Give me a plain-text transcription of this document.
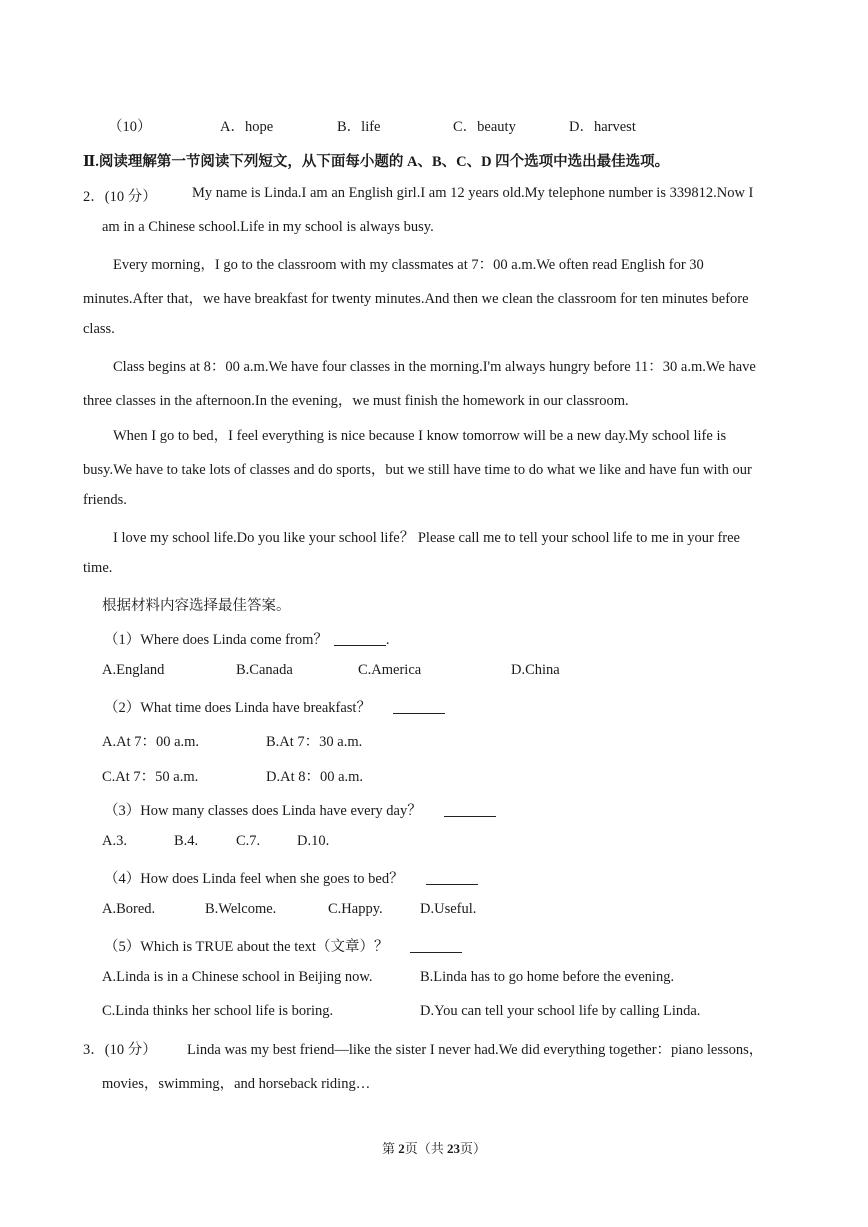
（10）	A．hope	B．life	C．beauty	D．harvest
Ⅱ.阅读理解第一节阅读下列短文，从下面每小题的 A、B、C、D 四个选项中选出最佳选项。
2．(10 分） My name is Linda.I am an English girl.I am 12 years old.My telephone number is 339812.Now I
am in a Chinese school.Life in my school is always busy.
Every morning，I go to the classroom with my classmates at 7：00 a.m.We often read English for 30
minutes.After that，we have breakfast for twenty minutes.And then we clean the classroom for ten minutes before
class.
Class begins at 8：00 a.m.We have four classes in the morning.I'm always hungry before 11：30 a.m.We have
three classes in the afternoon.In the evening，we must finish the homework in our classroom.
When I go to bed，I feel everything is nice because I know tomorrow will be a new day.My school life is
busy.We have to take lots of classes and do sports，but we still have time to do what we like and have fun with our
friends.
I love my school life.Do you like your school life？ Please call me to tell your school life to me in your free
time.
根据材料内容选择最佳答案。
（1）Where does Linda come from？	.
A.England	B.Canada	C.America	D.China
（2）What time does Linda have breakfast？
A.At 7：00 a.m.	B.At 7：30 a.m.
C.At 7：50 a.m.	D.At 8：00 a.m.
（3）How many classes does Linda have every day？
A.3.	B.4.	C.7.	D.10.
（4）How does Linda feel when she goes to bed？
A.Bored.	B.Welcome.	C.Happy.	D.Useful.
（5）Which is TRUE about the text（文章）？
A.Linda is in a Chinese school in Beijing now.	B.Linda has to go home before the evening.
C.Linda thinks her school life is boring.	D.You can tell your school life by calling Linda.
3．(10 分） Linda was my best friend—like the sister I never had.We did everything together：piano lessons，
movies，swimming，and horseback riding…
第 2页（共 23页）
